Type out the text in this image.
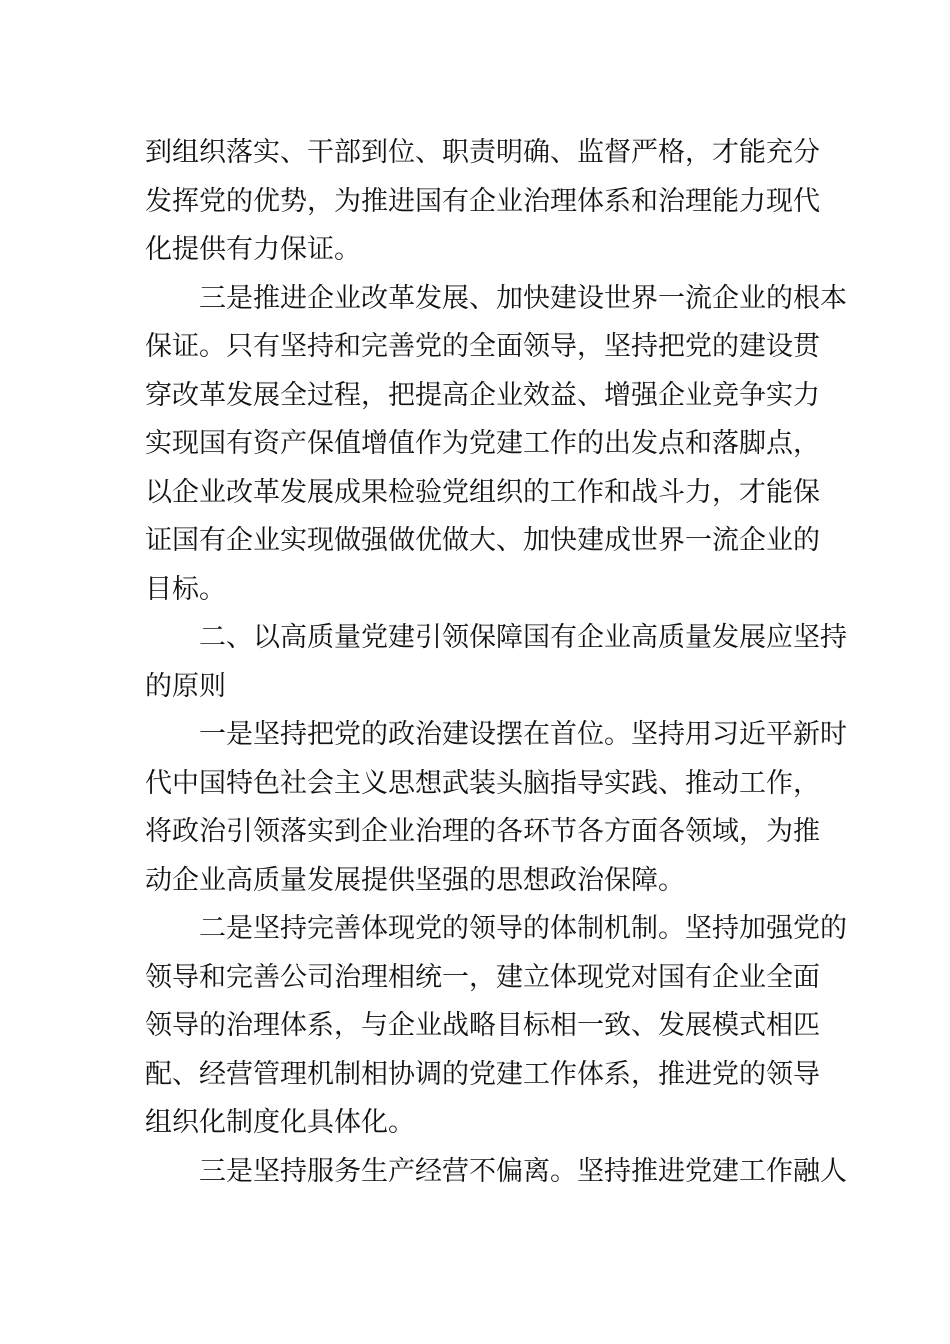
到组织落实、干部到位、职责明确、监督严格，才能充分
发挥党的优势，为推进国有企业治理体系和治理能力现代
化提供有力保证。
三是推进企业改革发展、加快建设世界一流企业的根本
保证。只有坚持和完善党的全面领导，坚持把党的建设贯
穿改革发展全过程，把提高企业效益、增强企业竞争实力
实现国有资产保值增值作为党建工作的出发点和落脚点，
以企业改革发展成果检验党组织的工作和战斗力，才能保
证国有企业实现做强做优做大、加快建成世界一流企业的
目标。
二、以高质量党建引领保障国有企业高质量发展应坚持
的原则
一是坚持把党的政治建设摆在首位。坚持用习近平新时
代中国特色社会主义思想武装头脑指导实践、推动工作，
将政治引领落实到企业治理的各环节各方面各领域，为推
动企业高质量发展提供坚强的思想政治保障。
二是坚持完善体现党的领导的体制机制。坚持加强党的
领导和完善公司治理相统一，建立体现党对国有企业全面
领导的治理体系，与企业战略目标相一致、发展模式相匹
配、经营管理机制相协调的党建工作体系，推进党的领导
组织化制度化具体化。
三是坚持服务生产经营不偏离。坚持推进党建工作融人
